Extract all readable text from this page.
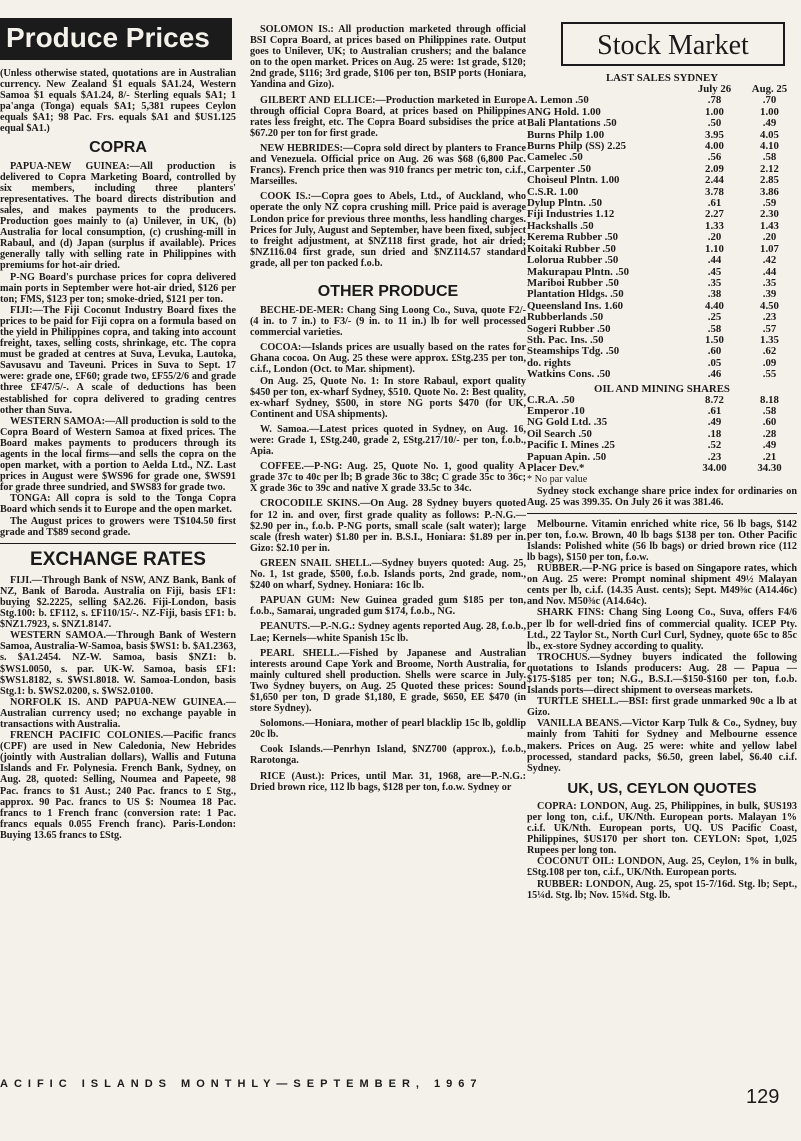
Produce Prices

(Unless otherwise stated, quotations are in Australian currency. New Zealand $1 equals $A1.24, Western Samoa $1 equals $A1.24, 8/- Sterling equals $A1; 1 pa'anga (Tonga) equals $A1; 5,381 rupees Ceylon equals $A1; 98 Pac. Frs. equals $A1 and $US1.125 equal $A1.)

COPRA

PAPUA-NEW GUINEA:—All production is delivered to Copra Marketing Board, controlled by six members, including three planters' representatives. The board directs distribution and sales, and makes payments to the producers. Production goes mainly to (a) Unilever, in UK, (b) Australia for local consumption, (c) crushing-mill in Rabaul, and (d) Japan (surplus if available). Prices generally tally with selling rate in Philippines with premiums for hot-air dried.

P-NG Board's purchase prices for copra delivered main ports in September were hot-air dried, $126 per ton; FMS, $123 per ton; smoke-dried, $121 per ton.

FIJI:—The Fiji Coconut Industry Board fixes the prices to be paid for Fiji copra on a formula based on the yield in Philippines copra, and taking into account freight, taxes, selling costs, shrinkage, etc. The copra must be graded at centres at Suva, Levuka, Lautoka, Savusavu and Taveuni. Prices in Suva to Sept. 17 were: grade one, £F60; grade two, £F55/2/6 and grade three £F47/5/-. A scale of deductions has been established for copra delivered to grading centres other than Suva.

WESTERN SAMOA:—All production is sold to the Copra Board of Western Samoa at fixed prices. The Board makes payments to producers through its agents in the local firms—and sells the copra on the open market, with a portion to Aelda Ltd., NZ. Last prices in August were $WS96 for grade one, $WS91 for grade three sundried, and $WS83 for grade two.

TONGA: All copra is sold to the Tonga Copra Board which sends it to Europe and the open market.

The August prices to growers were T$104.50 first grade and T$89 second grade.

EXCHANGE RATES

FIJI.—Through Bank of NSW, ANZ Bank, Bank of NZ, Bank of Baroda. Australia on Fiji, basis £F1: buying $2.2225, selling $A2.26. Fiji-London, basis Stg.100: b. £F112, s. £F110/15/-. NZ-Fiji, basis £F1: b. $NZ1.7923, s. $NZ1.8147.

WESTERN SAMOA.—Through Bank of Western Samoa, Australia-W-Samoa, basis $WS1: b. $A1.2363, s. $A1.2454. NZ-W. Samoa, basis $NZ1: b. $WS1.0050, s. par. UK-W. Samoa, basis £F1: $WS1.8182, s. $WS1.8018. W. Samoa-London, basis Stg.1: b. $WS2.0200, s. $WS2.0100.

NORFOLK IS. AND PAPUA-NEW GUINEA.—Australian currency used; no exchange payable in transactions with Australia.

FRENCH PACIFIC COLONIES.—Pacific francs (CPF) are used in New Caledonia, New Hebrides (jointly with Australian dollars), Wallis and Futuna Islands and Fr. Polynesia. French Bank, Sydney, on Aug. 28, quoted: Selling, Noumea and Papeete, 98 Pac. francs to $1 Aust.; 240 Pac. francs to £ Stg., approx. 90 Pac. francs to US $: Noumea 18 Pac. francs to 1 French franc (conversion rate: 1 Pac. francs equals 0.055 French franc). Paris-London: Buying 13.65 francs to £Stg.

SOLOMON IS.: All production marketed through official BSI Copra Board, at prices based on Philippines rate. Output goes to Unilever, UK; to Australian crushers; and the balance on to the open market. Prices on Aug. 25 were: 1st grade, $120; 2nd grade, $116; 3rd grade, $106 per ton, BSIP ports (Honiara, Yandina and Gizo).

GILBERT AND ELLICE:—Production marketed in Europe through official Copra Board, at prices based on Philippines rates less freight, etc. The Copra Board subsidises the price at $67.20 per ton for first grade.

NEW HEBRIDES:—Copra sold direct by planters to France and Venezuela. Official price on Aug. 26 was $68 (6,800 Pac. Francs). French price then was 910 francs per metric ton, c.i.f., Marseilles.

COOK IS.:—Copra goes to Abels, Ltd., of Auckland, who operate the only NZ copra crushing mill. Price paid is average London price for previous three months, less handling charges. Prices for July, August and September, have been fixed, subject to freight adjustment, at $NZ118 first grade, hot air dried; $NZ116.04 first grade, sun dried and $NZ114.57 standard grade, all per ton packed f.o.b.

OTHER PRODUCE

BECHE-DE-MER: Chang Sing Loong Co., Suva, quote F2/- (4 in. to 7 in.) to F3/- (9 in. to 11 in.) lb for well processed commercial varieties.

COCOA:—Islands prices are usually based on the rates for Ghana cocoa. On Aug. 25 these were approx. £Stg.235 per ton, c.i.f., London (Oct. to Mar. shipment).

On Aug. 25, Quote No. 1: In store Rabaul, export quality $450 per ton, ex-wharf Sydney, $510. Quote No. 2: Best quality, ex-wharf Sydney, $500, in store NG ports $470 (for UK, Continent and USA shipments).

W. Samoa.—Latest prices quoted in Sydney, on Aug. 16, were: Grade 1, £Stg.240, grade 2, £Stg.217/10/- per ton, f.o.b., Apia.

COFFEE.—P-NG: Aug. 25, Quote No. 1, good quality A grade 37c to 40c per lb; B grade 36c to 38c; C grade 35c to 36c; X grade 36c to 39c and native X grade 33.5c to 34c.

CROCODILE SKINS.—On Aug. 28 Sydney buyers quoted for 12 in. and over, first grade quality as follows: P.-N.G.—$2.90 per in., f.o.b. P-NG ports, small scale (salt water); large scale (fresh water) $1.80 per in. B.S.I., Honiara: $1.89 per in. Gizo: $2.10 per in.

GREEN SNAIL SHELL.—Sydney buyers quoted: Aug. 25, No. 1, 1st grade, $500, f.o.b. Islands ports, 2nd grade, nom., $240 on wharf, Sydney. Honiara: 16c lb.

PAPUAN GUM: New Guinea graded gum $185 per ton, f.o.b., Samarai, ungraded gum $174, f.o.b., NG.

PEANUTS.—P.-N.G.: Sydney agents reported Aug. 28, f.o.b., Lae; Kernels—white Spanish 15c lb.

PEARL SHELL.—Fished by Japanese and Australian interests around Cape York and Broome, North Australia, for mainly cultured shell production. Shells were scarce in July. Two Sydney buyers, on Aug. 25 Quoted these prices: Sound $1,650 per ton, D grade $1,180, E grade, $650, EE $470 (in store Sydney).

Solomons.—Honiara, mother of pearl blacklip 15c lb, goldlip 20c lb.

Cook Islands.—Penrhyn Island, $NZ700 (approx.), f.o.b., Rarotonga.

RICE (Aust.): Prices, until Mar. 31, 1968, are—P.-N.G.: Dried brown rice, 112 lb bags, $128 per ton, f.o.w. Sydney or

Stock Market
LAST SALES SYDNEY
	July 26	Aug. 25
A. Lemon .50	.78	.70
ANG Hold. 1.00	1.00	1.00
Bali Plantations .50	.50	.49
Burns Philp 1.00	3.95	4.05
Burns Philp (SS) 2.25	4.00	4.10
Camelec .50	.56	.58
Carpenter .50	2.09	2.12
Choiseul Plntn. 1.00	2.44	2.85
C.S.R. 1.00	3.78	3.86
Dylup Plntn. .50	.61	.59
Fiji Industries 1.12	2.27	2.30
Hackshalls .50	1.33	1.43
Kerema Rubber .50	.20	.20
Koitaki Rubber .50	1.10	1.07
Lolorua Rubber .50	.44	.42
Makurapau Plntn. .50	.45	.44
Mariboi Rubber .50	.35	.35
Plantation Hldgs. .50	.38	.39
Queensland Ins. 1.60	4.40	4.50
Rubberlands .50	.25	.23
Sogeri Rubber .50	.58	.57
Sth. Pac. Ins. .50	1.50	1.35
Steamships Tdg. .50	.60	.62
do. rights	.05	.09
Watkins Cons. .50	.46	.55
OIL AND MINING SHARES
C.R.A. .50	8.72	8.18
Emperor .10	.61	.58
NG Gold Ltd. .35	.49	.60
Oil Search .50	.18	.28
Pacific I. Mines .25	.52	.49
Papuan Apin. .50	.23	.21
Placer Dev.*	34.00	34.30

* No par value

Sydney stock exchange share price index for ordinaries on Aug. 25 was 399.35. On July 26 it was 381.46.

Melbourne. Vitamin enriched white rice, 56 lb bags, $142 per ton, f.o.w. Brown, 40 lb bags $138 per ton. Other Pacific Islands: Polished white (56 lb bags) or dried brown rice (112 lb bags), $150 per ton, f.o.w.

RUBBER.—P-NG price is based on Singapore rates, which on Aug. 25 were: Prompt nominal shipment 49½ Malayan cents per lb, c.i.f. (14.35 Aust. cents); Sept. M49⅜c (A14.46c) and Nov. M50⅜c (A14.64c).

SHARK FINS: Chang Sing Loong Co., Suva, offers F4/6 per lb for well-dried fins of commercial quality. ICEP Pty. Ltd., 22 Taylor St., North Curl Curl, Sydney, quote 65c to 85c lb., ex-store Sydney according to quality.

TROCHUS.—Sydney buyers indicated the following quotations to Islands producers: Aug. 28 — Papua — $175-$185 per ton; N.G., B.S.I.—$150-$160 per ton, f.o.b. Islands ports—direct shipment to overseas markets.

TURTLE SHELL.—BSI: first grade unmarked 90c a lb at Gizo.

VANILLA BEANS.—Victor Karp Tulk & Co., Sydney, buy mainly from Tahiti for Sydney and Melbourne essence makers. Prices on Aug. 25 were: white and yellow label processed, standard packs, $6.50, green label, $6.40 c.i.f. Sydney.

UK, US, CEYLON QUOTES

COPRA: LONDON, Aug. 25, Philippines, in bulk, $US193 per long ton, c.i.f., UK/Nth. European ports. Malayan 1% c.i.f. UK/Nth. European ports, UQ. US Pacific Coast, Philippines, $US170 per short ton. CEYLON: Spot, 1,025 Rupees per long ton.

COCONUT OIL: LONDON, Aug. 25, Ceylon, 1% in bulk, £Stg.108 per ton, c.i.f., UK/Nth. European ports.

RUBBER: LONDON, Aug. 25, spot 15-7/16d. Stg. lb; Sept., 15¼d. Stg. lb; Nov. 15¾d. Stg. lb.

ACIFIC ISLANDS MONTHLY—SEPTEMBER, 1967
129
